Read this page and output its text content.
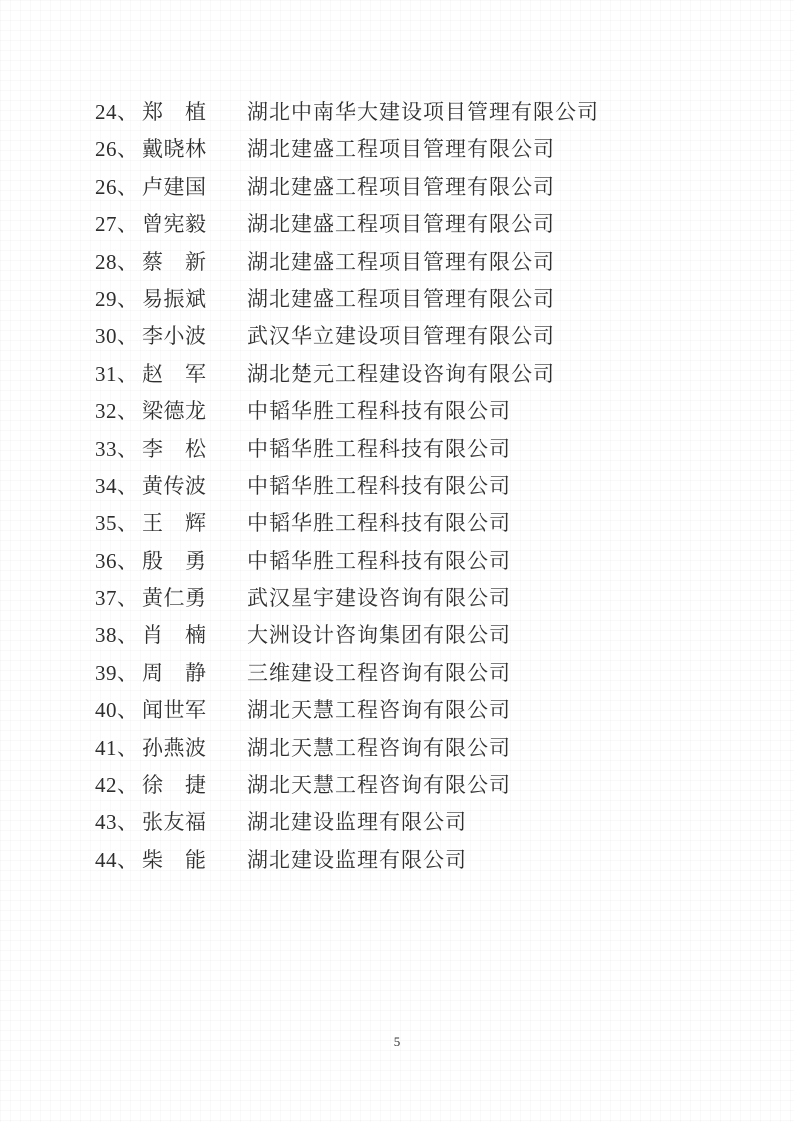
24、 郑　植 湖北中南华大建设项目管理有限公司
26、 戴晓林 湖北建盛工程项目管理有限公司
26、 卢建国 湖北建盛工程项目管理有限公司
27、 曾宪毅 湖北建盛工程项目管理有限公司
28、 蔡　新 湖北建盛工程项目管理有限公司
29、 易振斌 湖北建盛工程项目管理有限公司
30、 李小波 武汉华立建设项目管理有限公司
31、 赵　军 湖北楚元工程建设咨询有限公司
32、 梁德龙 中韬华胜工程科技有限公司
33、 李　松 中韬华胜工程科技有限公司
34、 黄传波 中韬华胜工程科技有限公司
35、 王　辉 中韬华胜工程科技有限公司
36、 殷　勇 中韬华胜工程科技有限公司
37、 黄仁勇 武汉星宇建设咨询有限公司
38、 肖　楠 大洲设计咨询集团有限公司
39、 周　静 三维建设工程咨询有限公司
40、 闻世军 湖北天慧工程咨询有限公司
41、 孙燕波 湖北天慧工程咨询有限公司
42、 徐　捷 湖北天慧工程咨询有限公司
43、 张友福 湖北建设监理有限公司
44、 柴　能 湖北建设监理有限公司
5
